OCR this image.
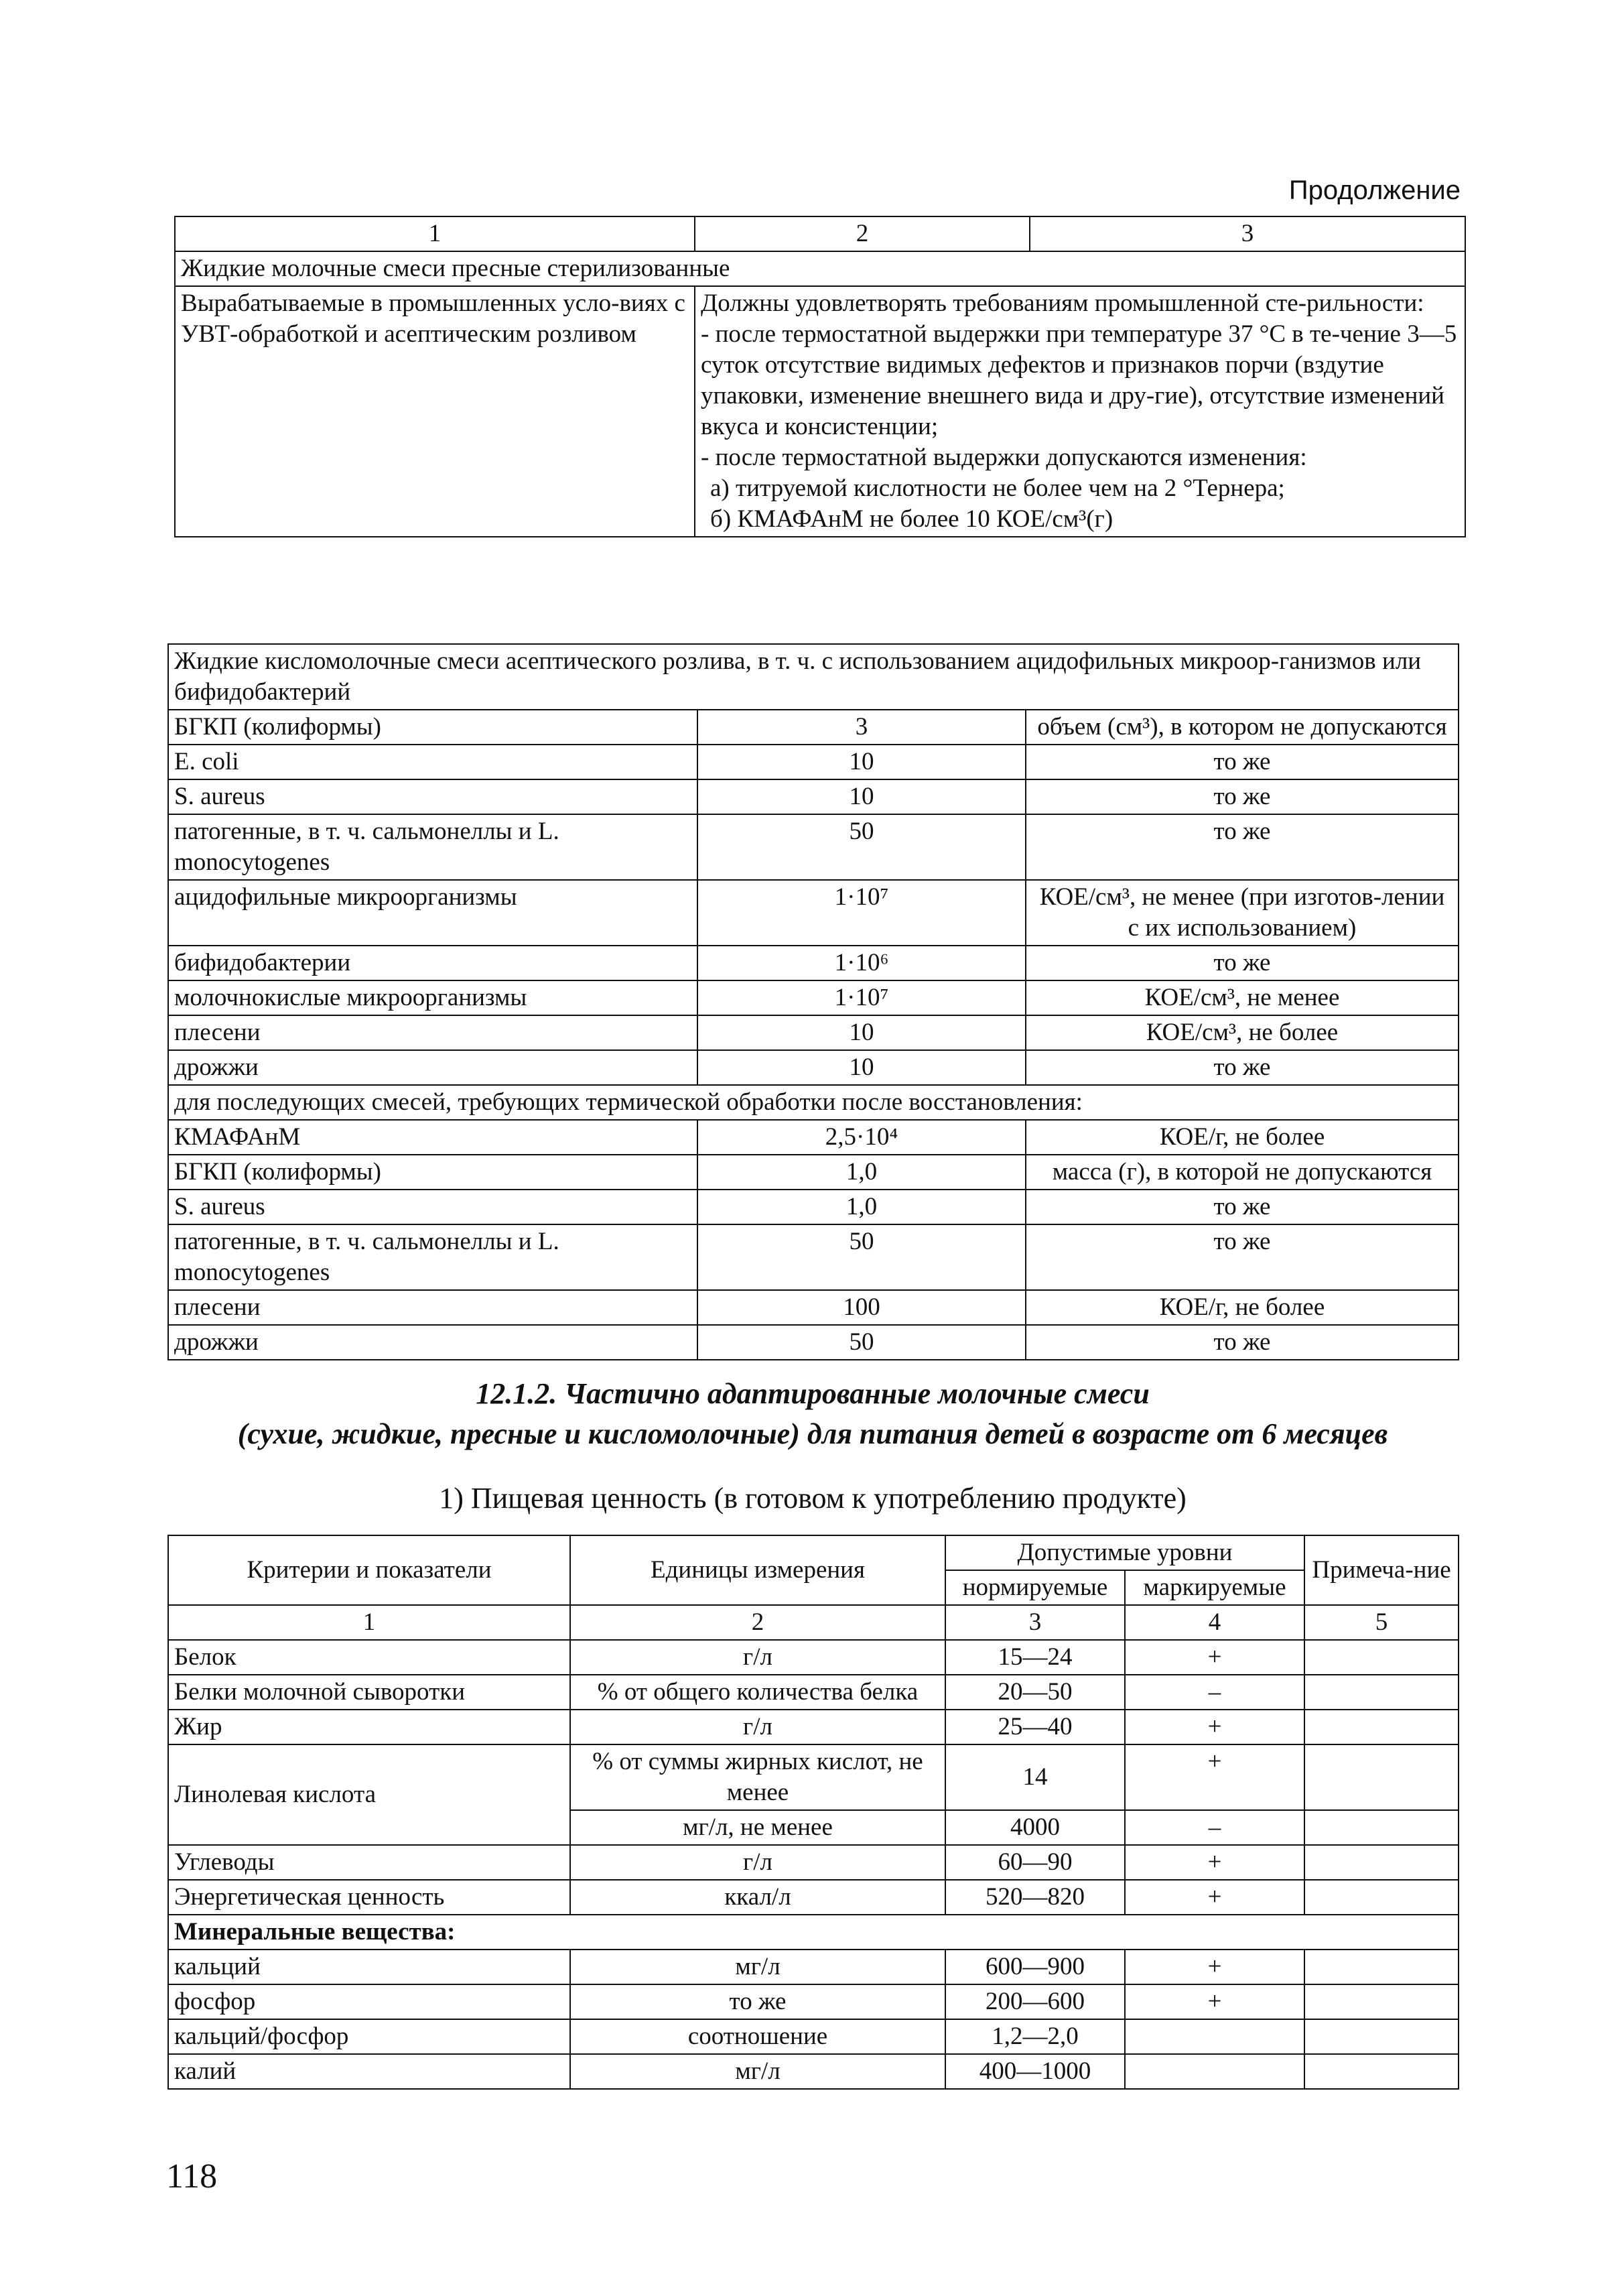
Продолжение
1	2	3
Жидкие молочные смеси пресные стерилизованные		
Вырабатываемые в промышленных усло-виях с УВТ-обработкой и асептическим розливом	Должны удовлетворять требованиям промышленной сте-рильности:
- после термостатной выдержки при температуре 37 °С в те-чение 3—5 суток отсутствие видимых дефектов и признаков порчи (вздутие упаковки, изменение внешнего вида и дру-гие), отсутствие изменений вкуса и консистенции;
- после термостатной выдержки допускаются изменения:
а) титруемой кислотности не более чем на 2 °Тернера;
б) КМАФАнМ не более 10 КОЕ/см³(г)	
Жидкие кисломолочные смеси асептического розлива, в т. ч. с использованием ацидофильных микроор-ганизмов или бифидобактерий		
БГКП (колиформы)	3	объем (см³), в котором не допускаются
E. coli	10	то же
S. aureus	10	то же
патогенные, в т. ч. сальмонеллы и L. monocytogenes	50	то же
ацидофильные микроорганизмы	1·10⁷	КОЕ/см³, не менее (при изготов-лении с их использованием)
бифидобактерии	1·10⁶	то же
молочнокислые микроорганизмы	1·10⁷	КОЕ/см³, не менее
плесени	10	КОЕ/см³, не более
дрожжи	10	то же
для последующих смесей, требующих термической обработки после восстановления:		
КМАФАнМ	2,5·10⁴	КОЕ/г, не более
БГКП (колиформы)	1,0	масса (г), в которой не допускаются
S. aureus	1,0	то же
патогенные, в т. ч. сальмонеллы и L. monocytogenes	50	то же
плесени	100	КОЕ/г, не более
дрожжи	50	то же
12.1.2. Частично адаптированные молочные смеси
(сухие, жидкие, пресные и кисломолочные) для питания детей в возрасте от 6 месяцев
1) Пищевая ценность (в готовом к употреблению продукте)
Критерии и показатели	Единицы измерения	Допустимые уровни		Примеча-ние
		нормируемые	маркируемые	
1	2	3	4	5
Белок	г/л	15—24	+	
Белки молочной сыворотки	% от общего количества белка	20—50	–	
Жир	г/л	25—40	+	
Линолевая кислота	% от суммы жирных кислот, не менее	14	+	
	мг/л, не менее	4000	–	
Углеводы	г/л	60—90	+	
Энергетическая ценность	ккал/л	520—820	+	
Минеральные вещества:				
кальций	мг/л	600—900	+	
фосфор	то же	200—600	+	
кальций/фосфор	соотношение	1,2—2,0		
калий	мг/л	400—1000		
118
